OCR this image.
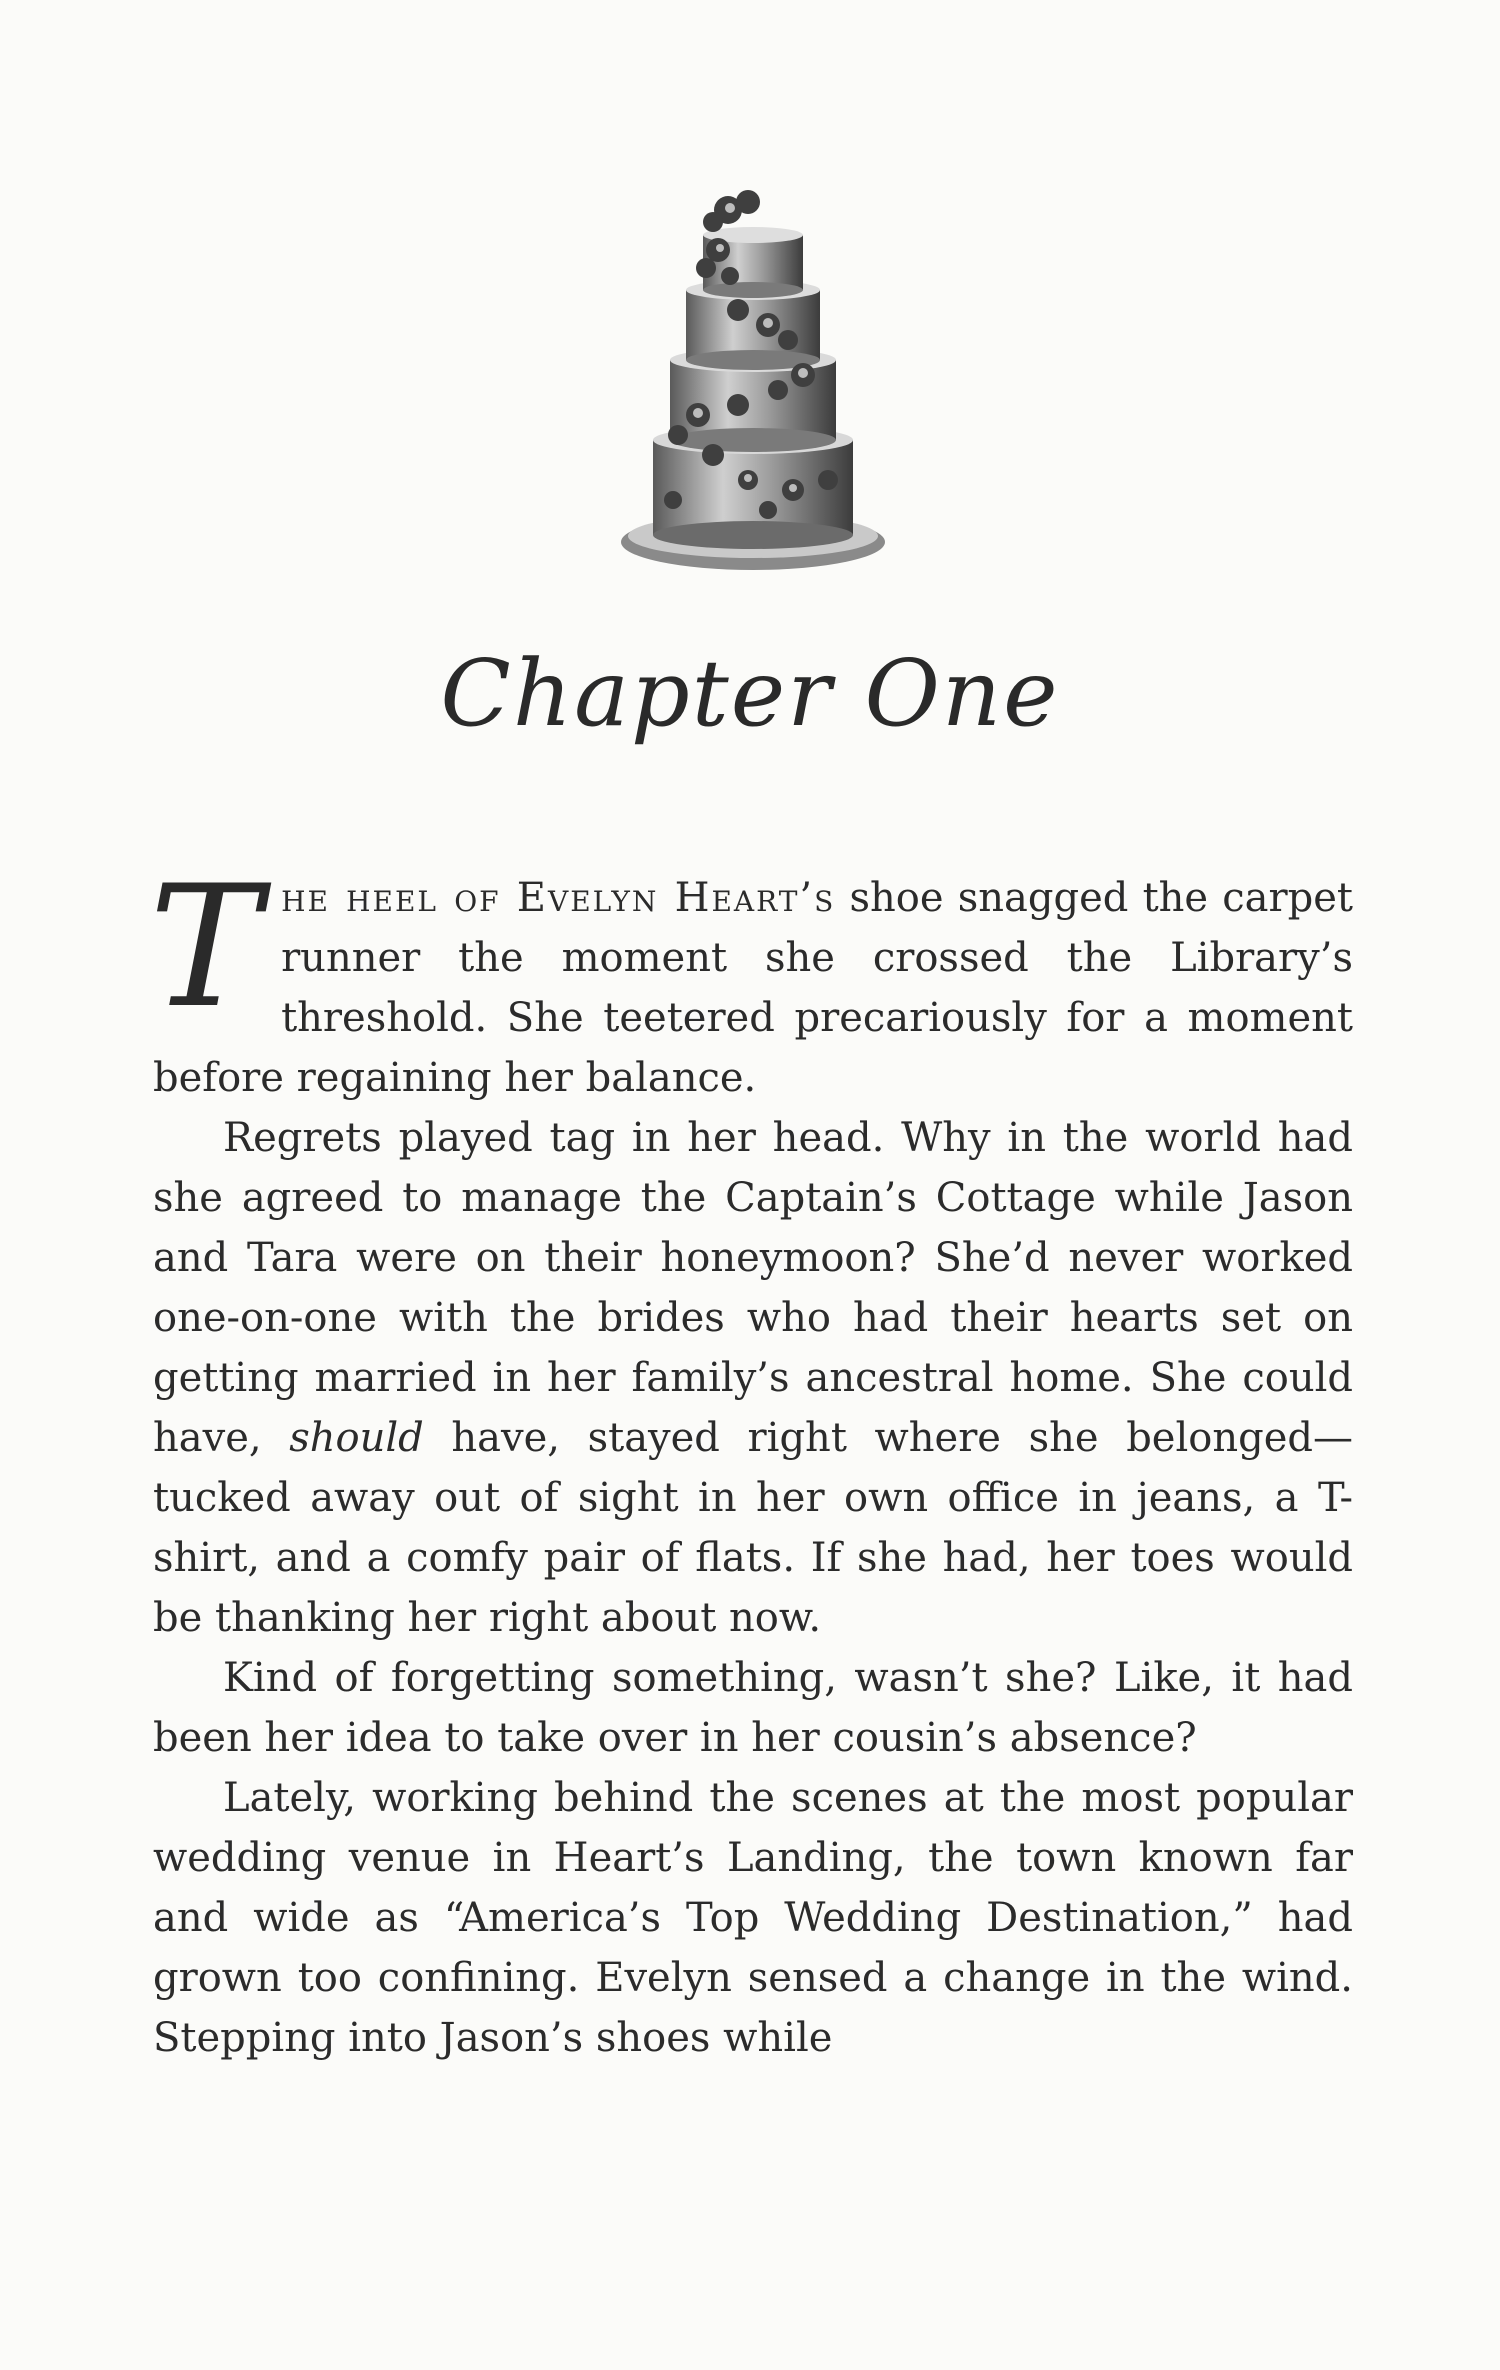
Chapter One

The heel of Evelyn Heart’s shoe snagged the carpet runner the moment she crossed the Library’s threshold. She teetered precariously for a moment before regaining her balance.

Regrets played tag in her head. Why in the world had she agreed to manage the Captain’s Cottage while Jason and Tara were on their honeymoon? She’d never worked one-on-one with the brides who had their hearts set on getting married in her family’s ancestral home. She could have, should have, stayed right where she belonged—tucked away out of sight in her own office in jeans, a T-shirt, and a comfy pair of flats. If she had, her toes would be thanking her right about now.

Kind of forgetting something, wasn’t she? Like, it had been her idea to take over in her cousin’s absence?

Lately, working behind the scenes at the most popular wedding venue in Heart’s Landing, the town known far and wide as “America’s Top Wedding Destination,” had grown too confining. Evelyn sensed a change in the wind. Stepping into Jason’s shoes while
